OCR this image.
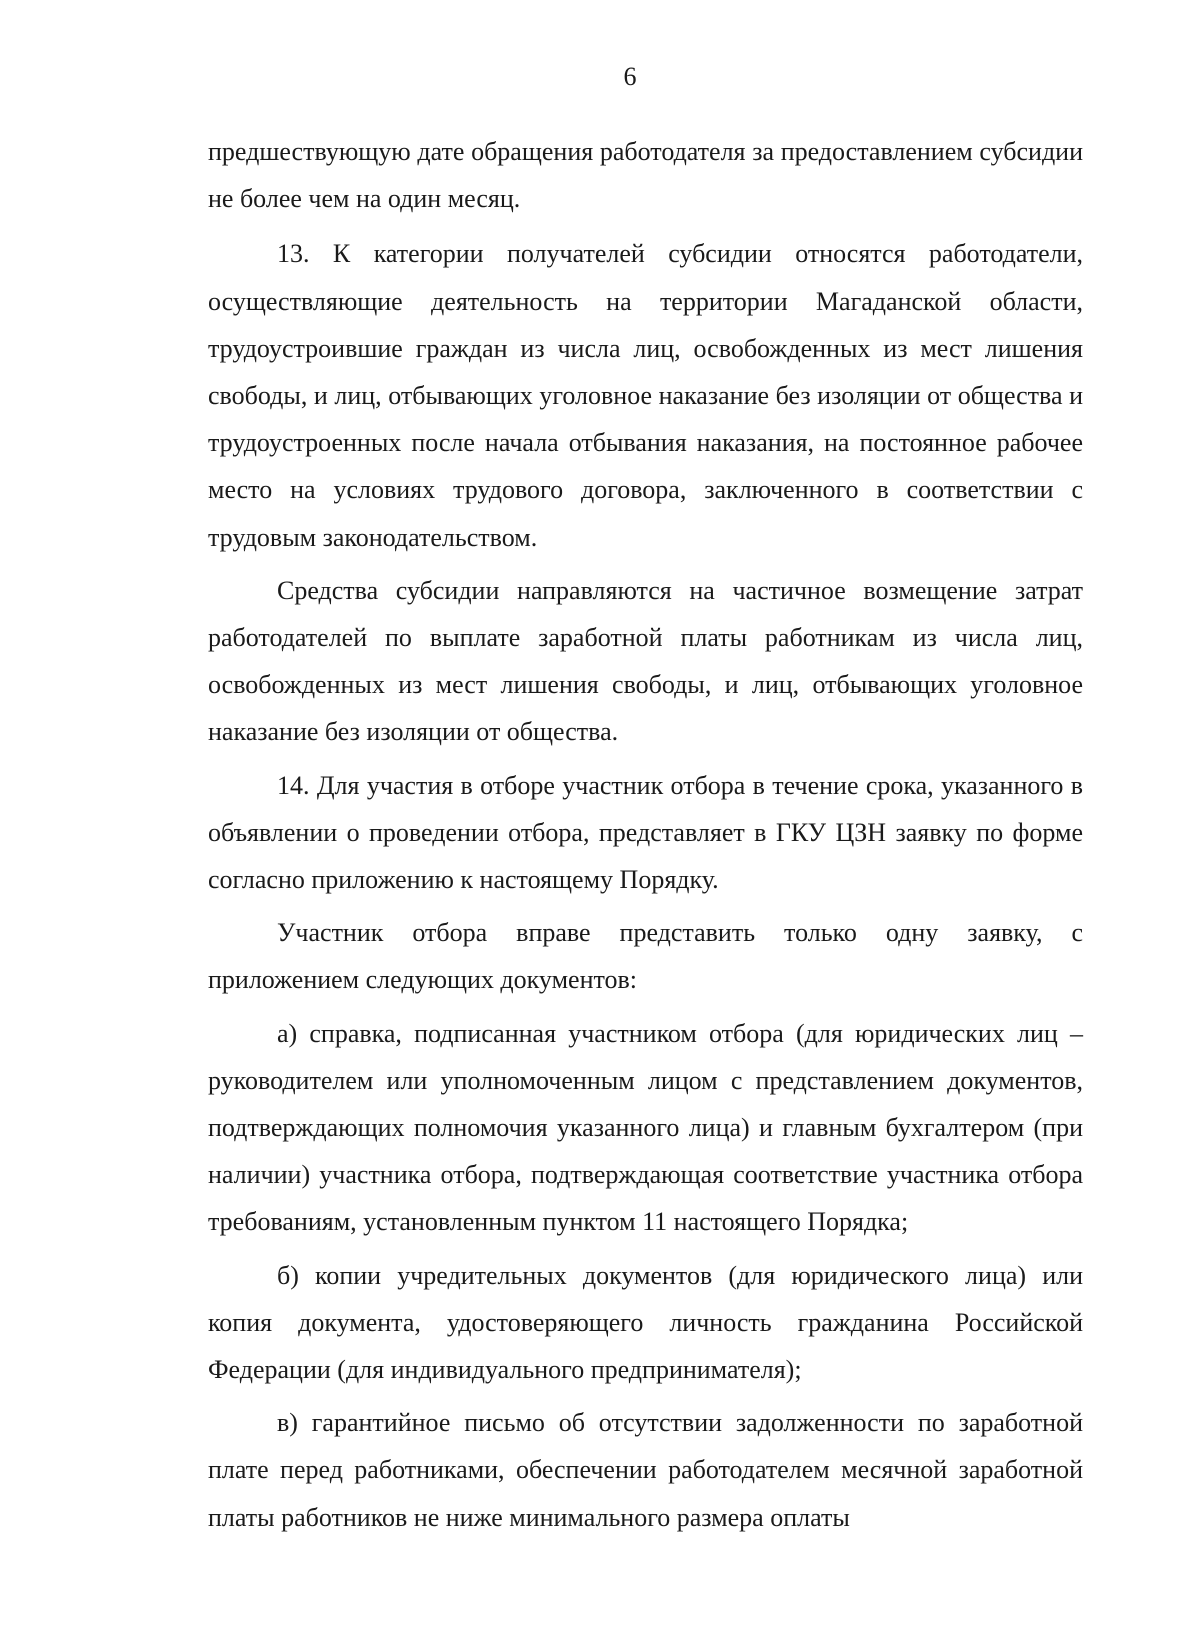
6

предшествующую дате обращения работодателя за предоставлением субсидии не более чем на один месяц.

13. К категории получателей субсидии относятся работодатели, осуществляющие деятельность на территории Магаданской области, трудоустроившие граждан из числа лиц, освобожденных из мест лишения свободы, и лиц, отбывающих уголовное наказание без изоляции от общества и трудоустроенных после начала отбывания наказания, на постоянное рабочее место на условиях трудового договора, заключенного в соответствии с трудовым законодательством.

Средства субсидии направляются на частичное возмещение затрат работодателей по выплате заработной платы работникам из числа лиц, освобожденных из мест лишения свободы, и лиц, отбывающих уголовное наказание без изоляции от общества.

14. Для участия в отборе участник отбора в течение срока, указанного в объявлении о проведении отбора, представляет в ГКУ ЦЗН заявку по форме согласно приложению к настоящему Порядку.

Участник отбора вправе представить только одну заявку, с приложением следующих документов:

а) справка, подписанная участником отбора (для юридических лиц – руководителем или уполномоченным лицом с представлением документов, подтверждающих полномочия указанного лица) и главным бухгалтером (при наличии) участника отбора, подтверждающая соответствие участника отбора требованиям, установленным пунктом 11 настоящего Порядка;

б) копии учредительных документов (для юридического лица) или копия документа, удостоверяющего личность гражданина Российской Федерации (для индивидуального предпринимателя);

в) гарантийное письмо об отсутствии задолженности по заработной плате перед работниками, обеспечении работодателем месячной заработной платы работников не ниже минимального размера оплаты
